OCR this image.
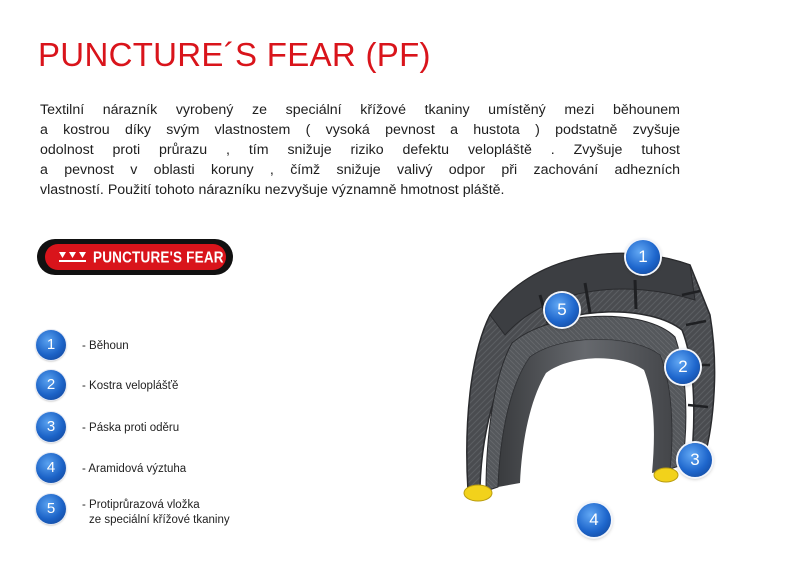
PUNCTURE´S FEAR (PF)
Textilní nárazník vyrobený ze speciální křížové tkaniny umístěný mezi běhounem
a kostrou díky svým vlastnostem ( vysoká pevnost a hustota ) podstatně zvyšuje
odolnost proti průrazu , tím snižuje riziko defektu velopláště . Zvyšuje tuhost
a pevnost v oblasti koruny , čímž snižuje valivý odpor při zachování adhezních
vlastností. Použití tohoto nárazníku nezvyšuje významně hmotnost pláště.
PUNCTURE'S FEAR
1	- Běhoun
2	- Kostra veloplášťě
3	- Páska proti oděru
4	- Aramidová výztuha
5	- Protiprůrazová vložka
ze speciální křížové tkaniny
1
2
3
4
5
